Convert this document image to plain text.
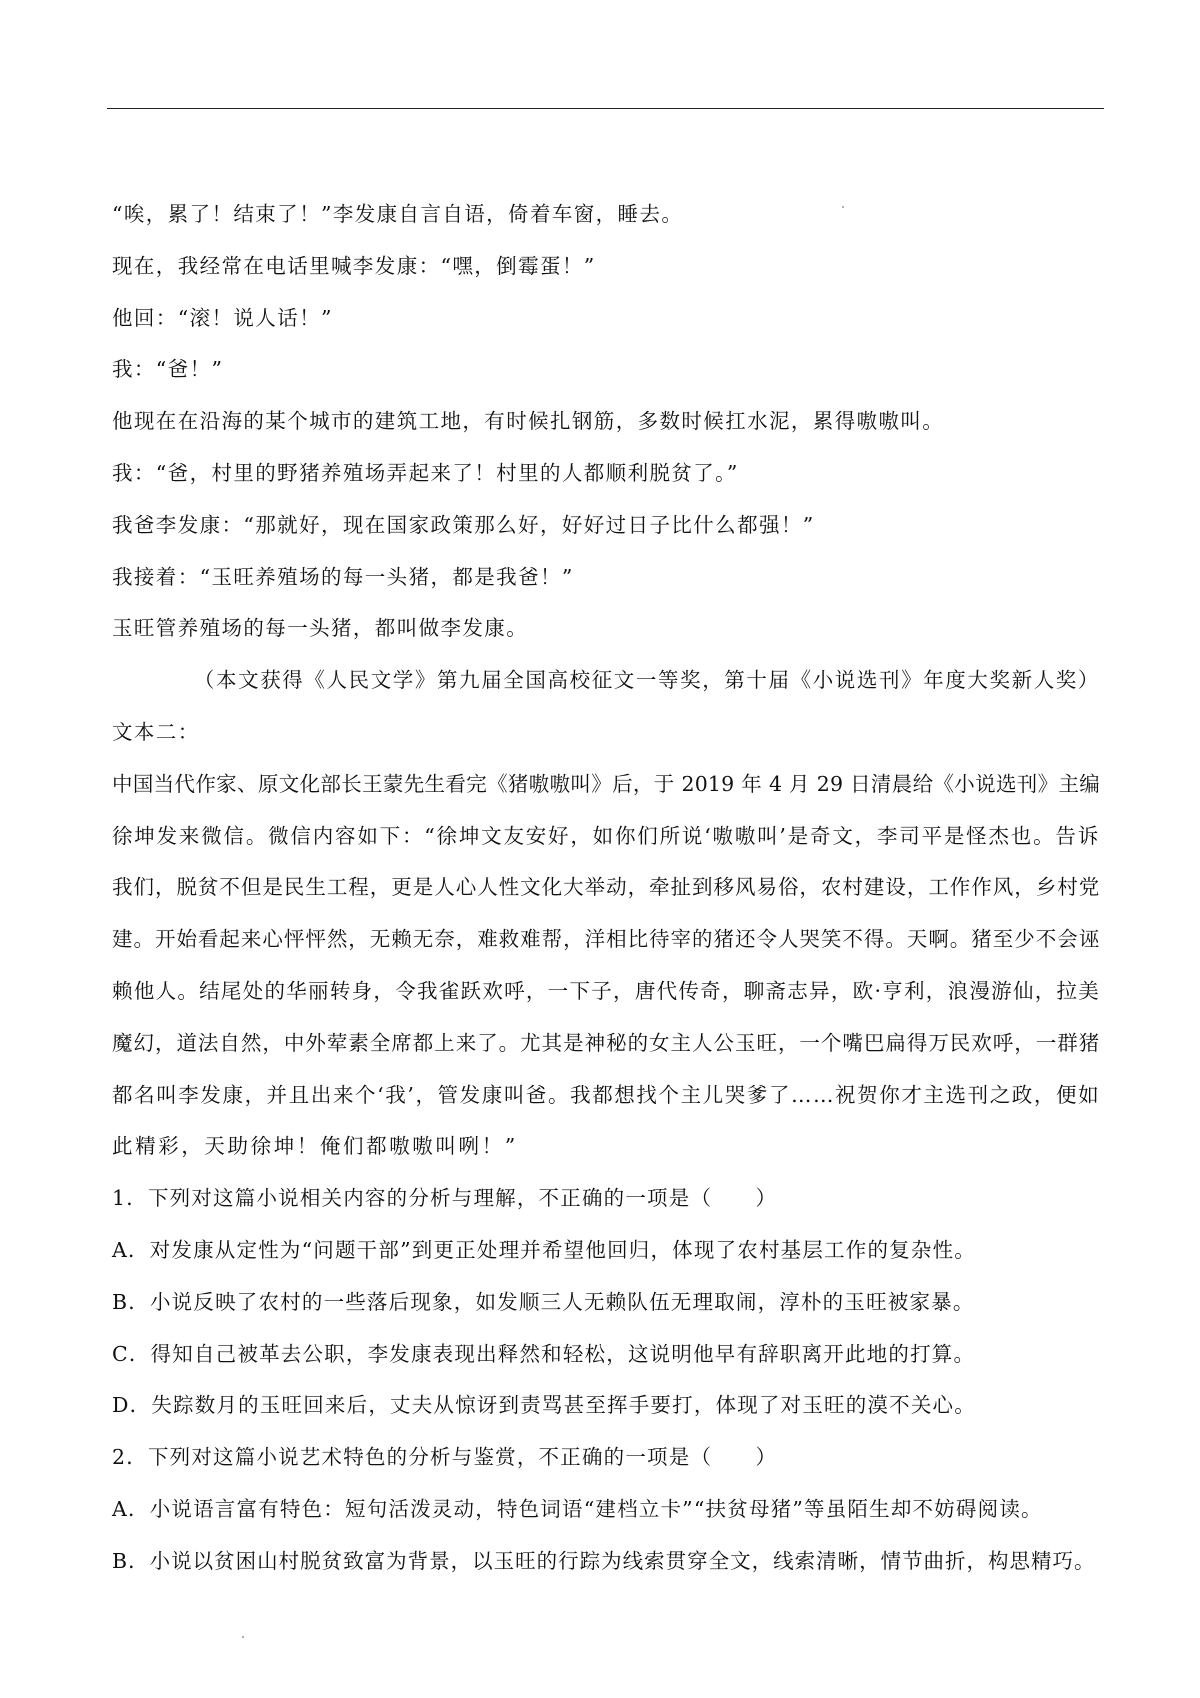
“唉，累了！结束了！”李发康自言自语，倚着车窗，睡去。
现在，我经常在电话里喊李发康：“嘿，倒霉蛋！”
他回：“滚！说人话！”
我：“爸！”
他现在在沿海的某个城市的建筑工地，有时候扎钢筋，多数时候扛水泥，累得嗷嗷叫。
我：“爸，村里的野猪养殖场弄起来了！村里的人都顺利脱贫了。”
我爸李发康：“那就好，现在国家政策那么好，好好过日子比什么都强！”
我接着：“玉旺养殖场的每一头猪，都是我爸！”
玉旺管养殖场的每一头猪，都叫做李发康。
（本文获得《人民文学》第九届全国高校征文一等奖，第十届《小说选刊》年度大奖新人奖）
文本二：
中国当代作家、原文化部长王蒙先生看完《猪嗷嗷叫》后，于 2019 年 4 月 29 日清晨给《小说选刊》主编
徐坤发来微信。微信内容如下：“徐坤文友安好，如你们所说‘嗷嗷叫’是奇文，李司平是怪杰也。告诉
我们，脱贫不但是民生工程，更是人心人性文化大举动，牵扯到移风易俗，农村建设，工作作风，乡村党
建。开始看起来心怦怦然，无赖无奈，难救难帮，洋相比待宰的猪还令人哭笑不得。天啊。猪至少不会诬
赖他人。结尾处的华丽转身，令我雀跃欢呼，一下子，唐代传奇，聊斋志异，欧·亨利，浪漫游仙，拉美
魔幻，道法自然，中外荤素全席都上来了。尤其是神秘的女主人公玉旺，一个嘴巴扁得万民欢呼，一群猪
都名叫李发康，并且出来个‘我’，管发康叫爸。我都想找个主儿哭爹了……祝贺你才主选刊之政，便如
此精彩，天助徐坤！俺们都嗷嗷叫咧！”
1．下列对这篇小说相关内容的分析与理解，不正确的一项是（　　）
A．对发康从定性为“问题干部”到更正处理并希望他回归，体现了农村基层工作的复杂性。
B．小说反映了农村的一些落后现象，如发顺三人无赖队伍无理取闹，淳朴的玉旺被家暴。
C．得知自己被革去公职，李发康表现出释然和轻松，这说明他早有辞职离开此地的打算。
D．失踪数月的玉旺回来后，丈夫从惊讶到责骂甚至挥手要打，体现了对玉旺的漠不关心。
2．下列对这篇小说艺术特色的分析与鉴赏，不正确的一项是（　　）
A．小说语言富有特色：短句活泼灵动，特色词语“建档立卡”“扶贫母猪”等虽陌生却不妨碍阅读。
B．小说以贫困山村脱贫致富为背景，以玉旺的行踪为线索贯穿全文，线索清晰，情节曲折，构思精巧。
